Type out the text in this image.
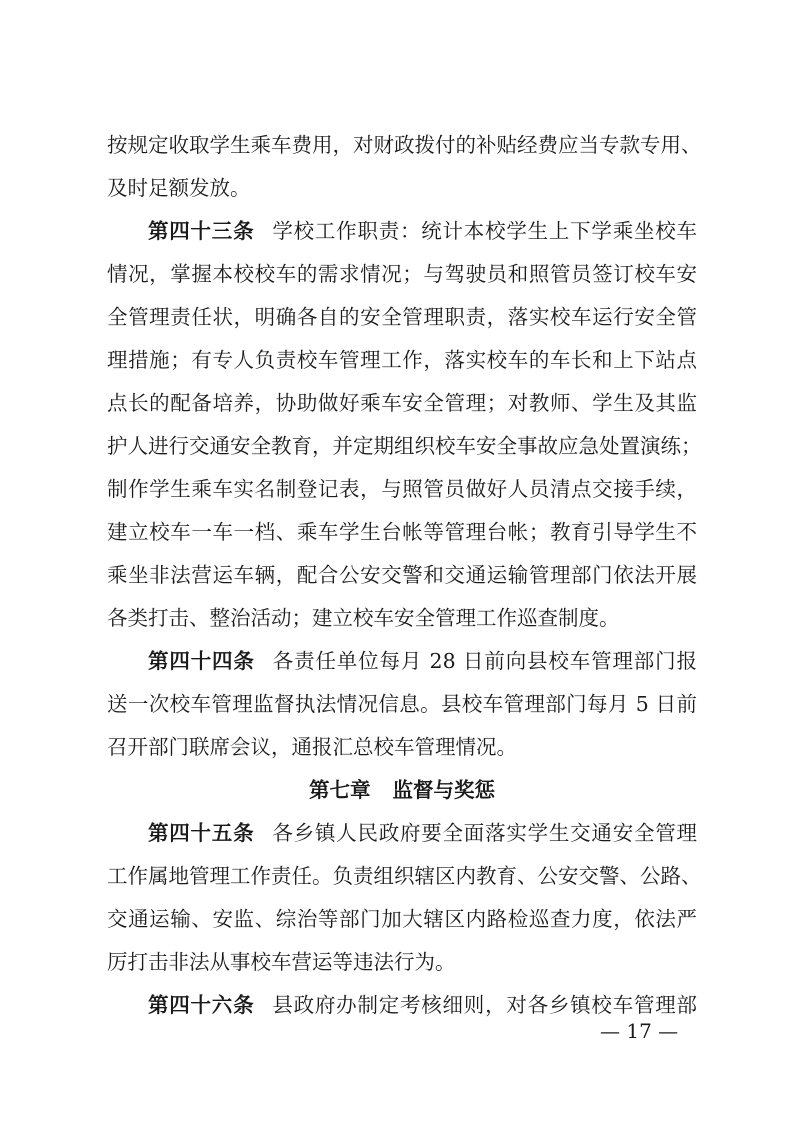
按规定收取学生乘车费用，对财政拨付的补贴经费应当专款专用、
及时足额发放。
第四十三条 学校工作职责：统计本校学生上下学乘坐校车
情况，掌握本校校车的需求情况；与驾驶员和照管员签订校车安
全管理责任状，明确各自的安全管理职责，落实校车运行安全管
理措施；有专人负责校车管理工作，落实校车的车长和上下站点
点长的配备培养，协助做好乘车安全管理；对教师、学生及其监
护人进行交通安全教育，并定期组织校车安全事故应急处置演练；
制作学生乘车实名制登记表，与照管员做好人员清点交接手续，
建立校车一车一档、乘车学生台帐等管理台帐；教育引导学生不
乘坐非法营运车辆，配合公安交警和交通运输管理部门依法开展
各类打击、整治活动；建立校车安全管理工作巡查制度。
第四十四条 各责任单位每月 28 日前向县校车管理部门报
送一次校车管理监督执法情况信息。县校车管理部门每月 5 日前
召开部门联席会议，通报汇总校车管理情况。
第七章 监督与奖惩
第四十五条 各乡镇人民政府要全面落实学生交通安全管理
工作属地管理工作责任。负责组织辖区内教育、公安交警、公路、
交通运输、安监、综治等部门加大辖区内路检巡查力度，依法严
厉打击非法从事校车营运等违法行为。
第四十六条 县政府办制定考核细则，对各乡镇校车管理部
— 17 —
